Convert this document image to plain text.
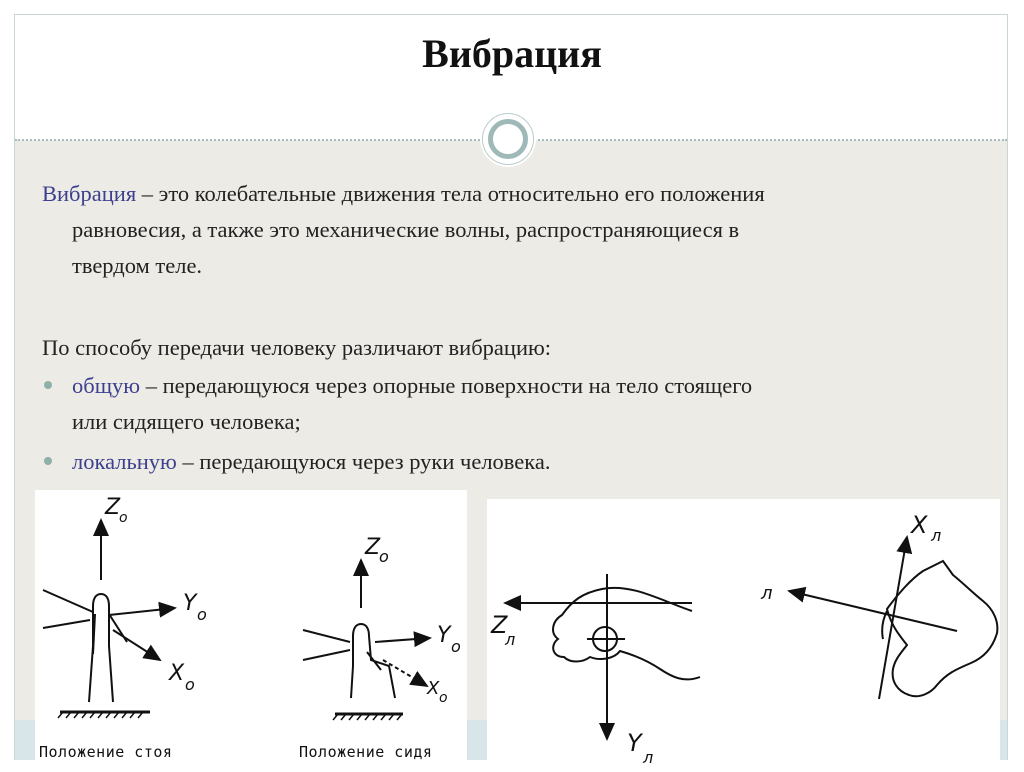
Вибрация
Вибрация – это колебательные движения тела относительно его положения
равновесия, а также это механические волны, распространяющиеся в
твердом теле.
По способу передачи человеку различают вибрацию:
общую – передающуюся через опорные поверхности на тело стоящего
или сидящего человека;
локальную – передающуюся через руки человека.
Z
o
Y o
X o
Z
o
Y o
X o
Положение стоя	Положение сидя
Z
л
Y
л
X л
л
